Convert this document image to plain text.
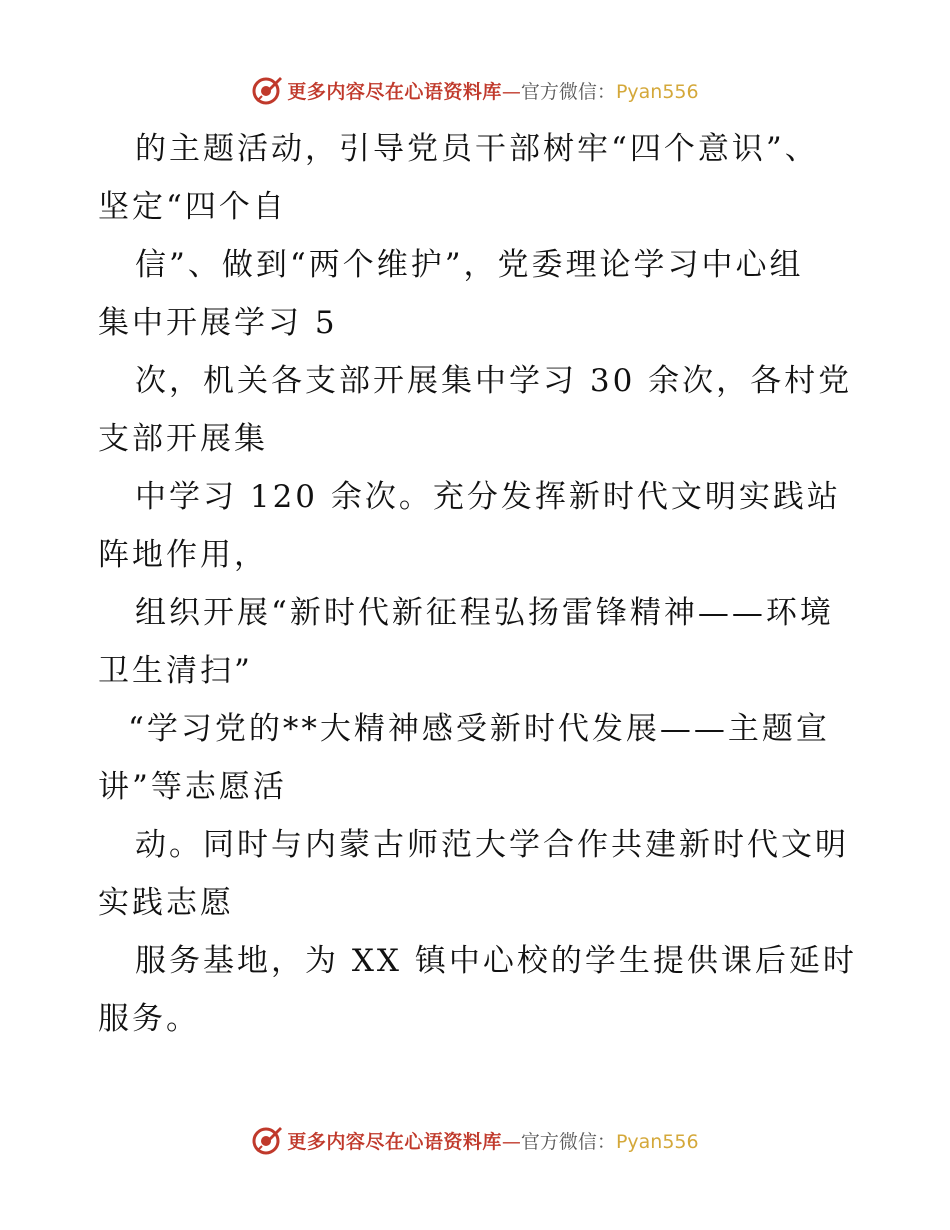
更多内容尽在心语资料库—官方微信：Pyan556
的主题活动，引导党员干部树牢“四个意识”、
坚定“四个自
信”、做到“两个维护”，党委理论学习中心组
集中开展学习 5
次，机关各支部开展集中学习 30 余次，各村党
支部开展集
中学习 120 余次。充分发挥新时代文明实践站
阵地作用，
组织开展“新时代新征程弘扬雷锋精神——环境
卫生清扫”
“学习党的**大精神感受新时代发展——主题宣
讲”等志愿活
动。同时与内蒙古师范大学合作共建新时代文明
实践志愿
服务基地，为 XX 镇中心校的学生提供课后延时
服务。
更多内容尽在心语资料库—官方微信：Pyan556
